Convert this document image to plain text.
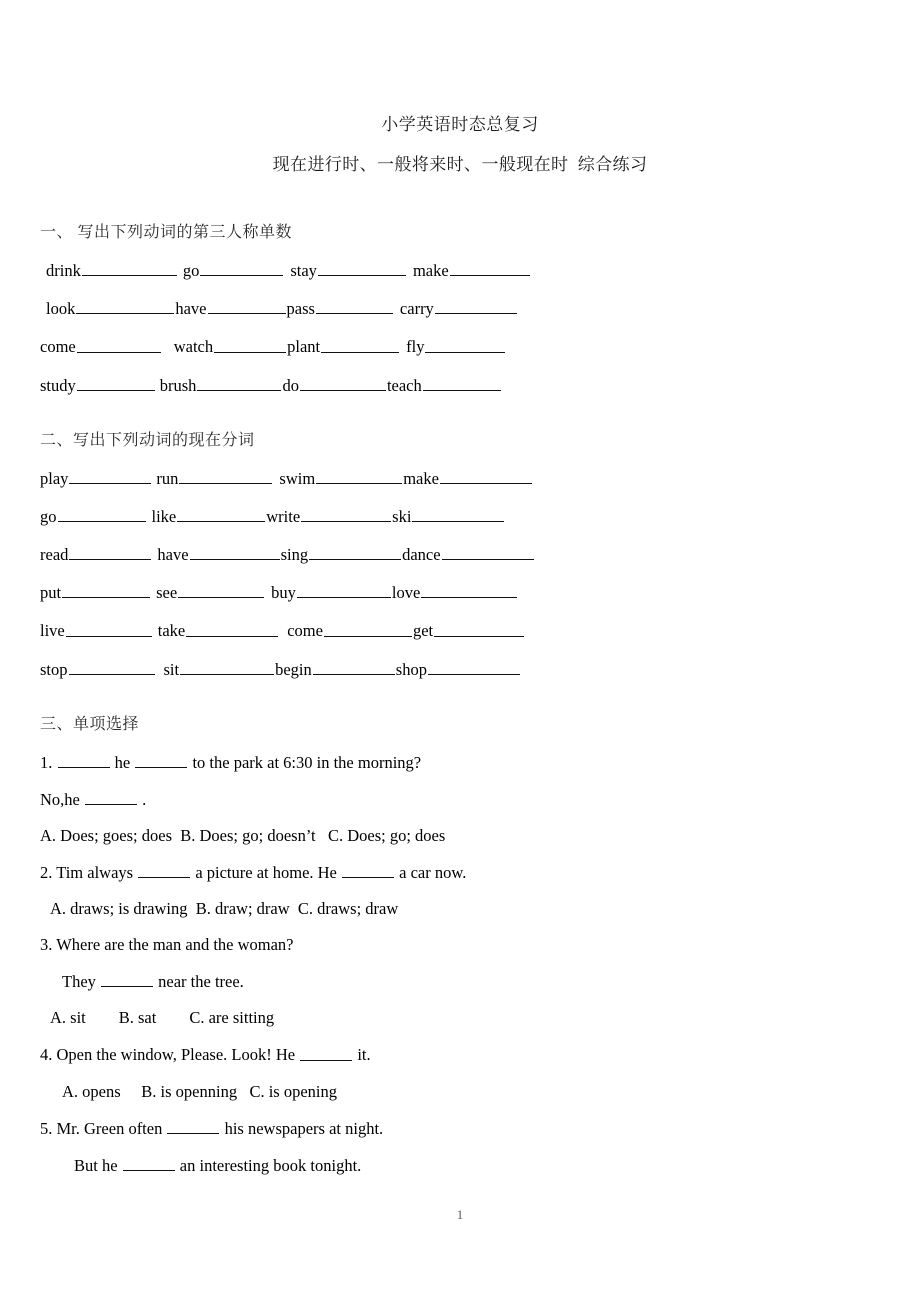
小学英语时态总复习
现在进行时、一般将来时、一般现在时  综合练习
一、 写出下列动词的第三人称单数
drink	go	stay	make
look	have	pass	carry
come	watch	plant	fly
study	brush	do	teach
二、写出下列动词的现在分词
play	run	swim	make
go	like	write	ski
read	have	sing	dance
put	see	buy	love
live	take	come	get
stop	sit	begin	shop
三、单项选择
1.	he	to the park at 6:30 in the morning?
No,he	.
A. Does; goes; does  B. Does; go; doesn’t   C. Does; go; does
2. Tim always	a picture at home. He	a car now.
A. draws; is drawing  B. draw; draw  C. draws; draw
3. Where are the man and the woman?
They	near the tree.
A. sit        B. sat        C. are sitting
4. Open the window, Please. Look! He	it.
A. opens     B. is openning   C. is opening
5. Mr. Green often	his newspapers at night.
But he	an interesting book tonight.
1
